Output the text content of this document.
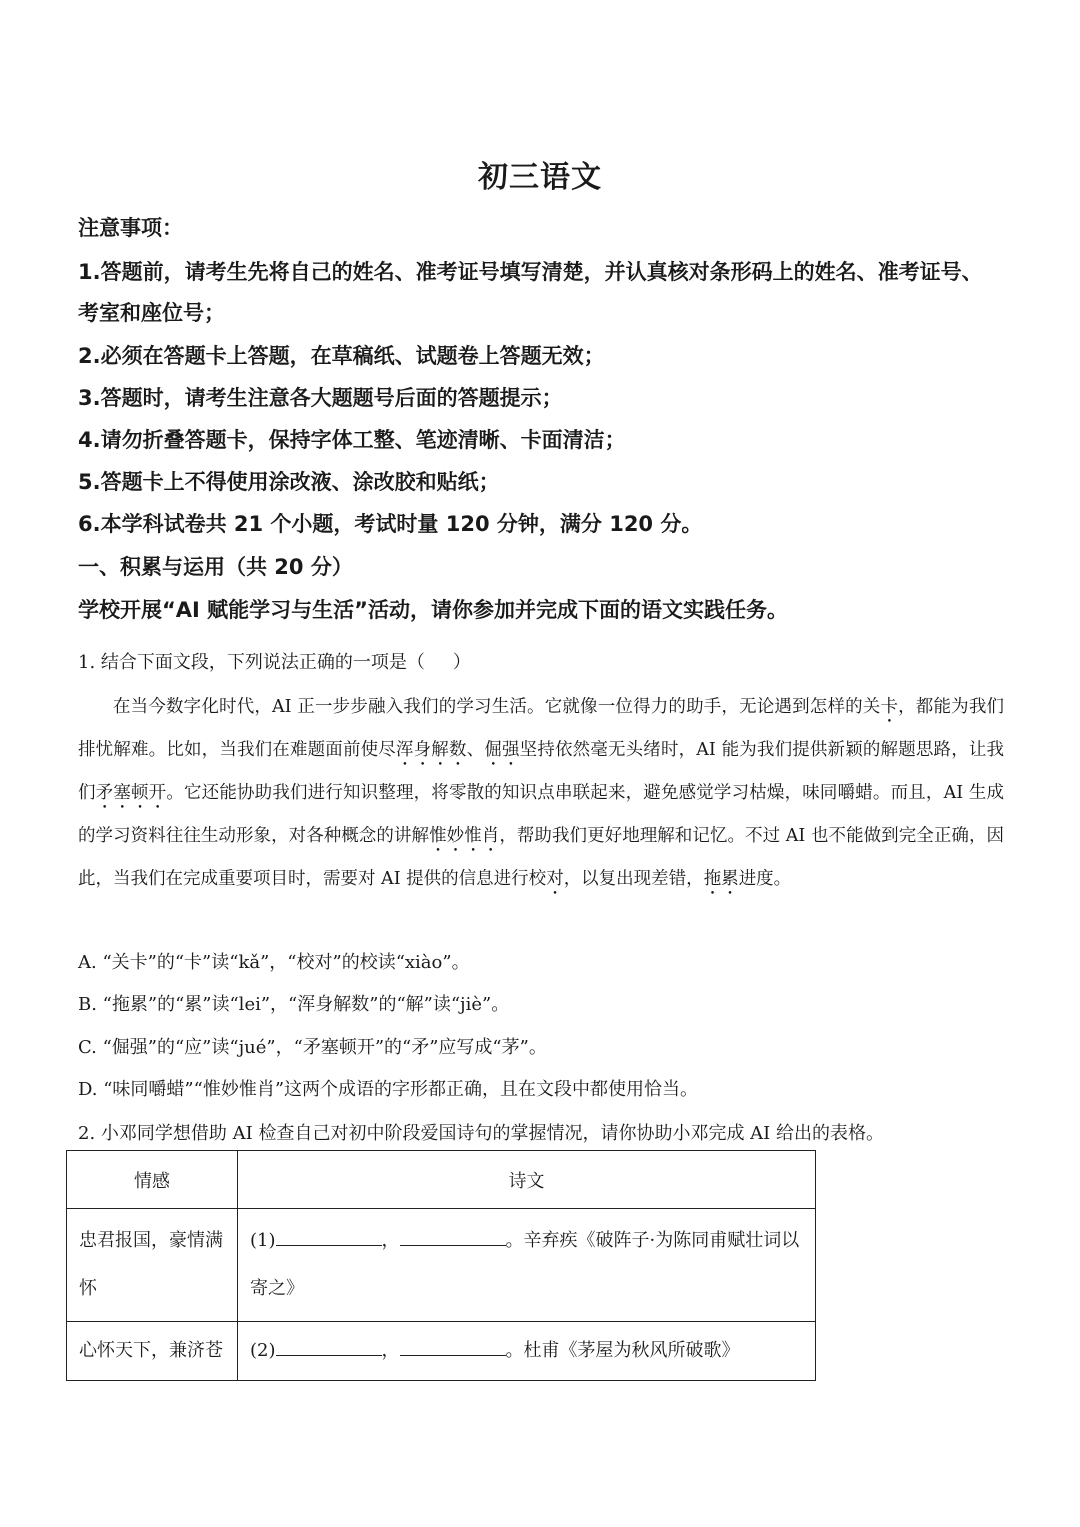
初三语文
注意事项：
1.答题前，请考生先将自己的姓名、准考证号填写清楚，并认真核对条形码上的姓名、准考证号、
考室和座位号；
2.必须在答题卡上答题，在草稿纸、试题卷上答题无效；
3.答题时，请考生注意各大题题号后面的答题提示；
4.请勿折叠答题卡，保持字体工整、笔迹清晰、卡面清洁；
5.答题卡上不得使用涂改液、涂改胶和贴纸；
6.本学科试卷共 21 个小题，考试时量 120 分钟，满分 120 分。
一、积累与运用（共 20 分）
学校开展“AI 赋能学习与生活”活动，请你参加并完成下面的语文实践任务。
1. 结合下面文段，下列说法正确的一项是（ ）
在当今数字化时代，AI 正一步步融入我们的学习生活。它就像一位得力的助手，无论遇到怎样的关卡，都能为我们排忧解难。比如，当我们在难题面前使尽浑身解数、倔强坚持依然毫无头绪时，AI 能为我们提供新颖的解题思路，让我们矛塞顿开。它还能协助我们进行知识整理，将零散的知识点串联起来，避免感觉学习枯燥，味同嚼蜡。而且，AI 生成的学习资料往往生动形象，对各种概念的讲解惟妙惟肖，帮助我们更好地理解和记忆。不过 AI 也不能做到完全正确，因此，当我们在完成重要项目时，需要对 AI 提供的信息进行校对，以复出现差错，拖累进度。
A. “关卡”的“卡”读“kǎ”，“校对”的校读“xiào”。
B. “拖累”的“累”读“lei”，“浑身解数”的“解”读“jiè”。
C. “倔强”的“应”读“jué”，“矛塞顿开”的“矛”应写成“茅”。
D. “味同嚼蜡”“惟妙惟肖”这两个成语的字形都正确，且在文段中都使用恰当。
2. 小邓同学想借助 AI 检查自己对初中阶段爱国诗句的掌握情况，请你协助小邓完成 AI 给出的表格。
情感	诗文
忠君报国，豪情满怀	(1) ， 。辛弃疾《破阵子·为陈同甫赋壮词以寄之》
心怀天下，兼济苍	(2) ， 。杜甫《茅屋为秋风所破歌》
